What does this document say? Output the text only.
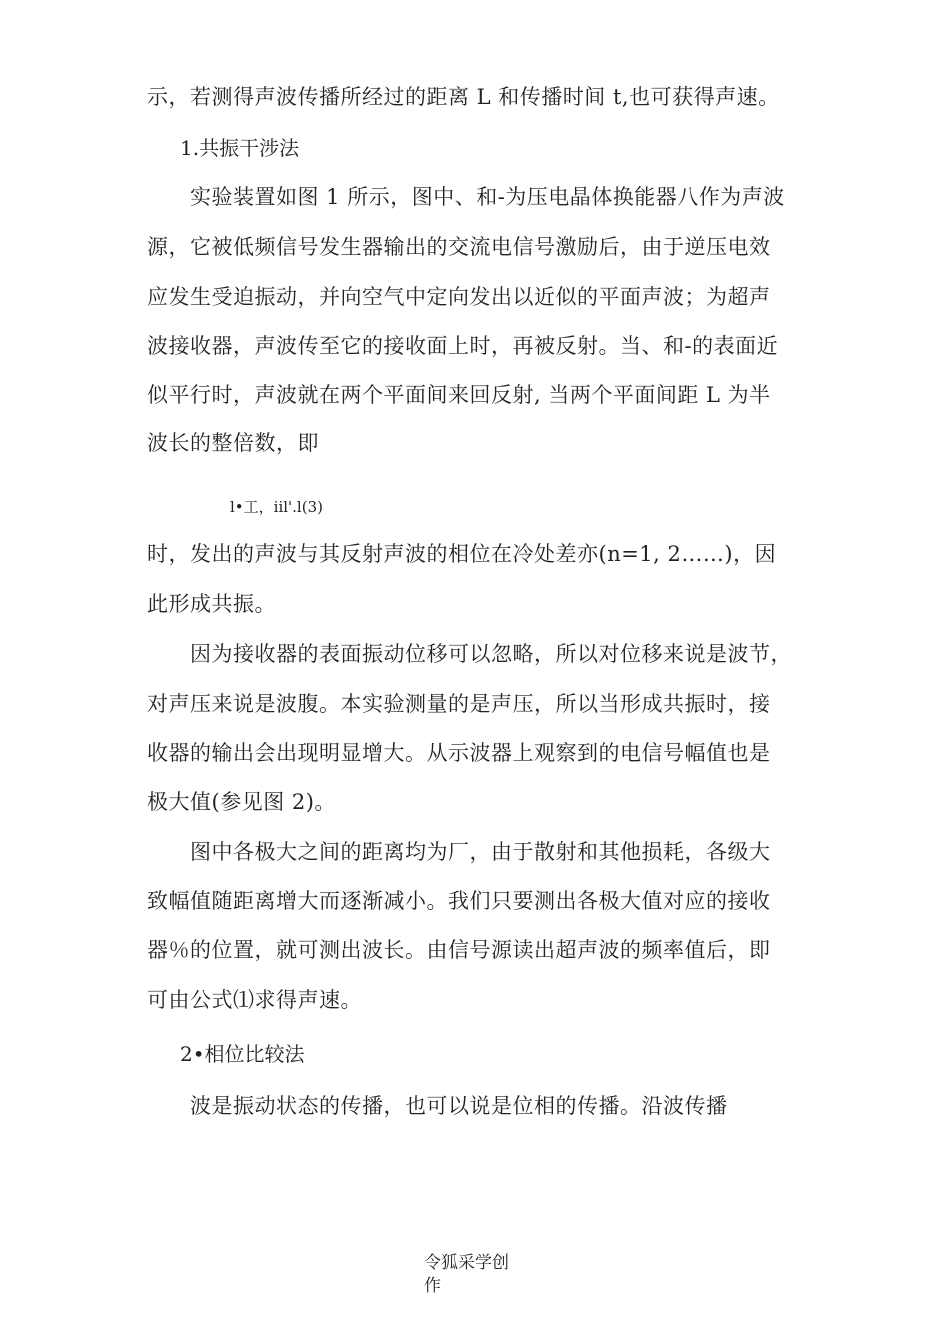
示，若测得声波传播所经过的距离 L 和传播时间 t,也可获得声速。
1.共振干涉法
实验装置如图 1 所示，图中、和-为压电晶体换能器八作为声波
源，它被低频信号发生器输出的交流电信号激励后，由于逆压电效
应发生受迫振动，并向空气中定向发出以近似的平面声波；为超声
波接收器，声波传至它的接收面上时，再被反射。当、和-的表面近
似平行时，声波就在两个平面间来回反射, 当两个平面间距 L 为半
波长的整倍数，即
l•工，iil'.l(3)
时，发出的声波与其反射声波的相位在冷处差亦(n=1, 2……)，因
此形成共振。
因为接收器的表面振动位移可以忽略，所以对位移来说是波节，
对声压来说是波腹。本实验测量的是声压，所以当形成共振时，接
收器的输出会出现明显增大。从示波器上观察到的电信号幅值也是
极大值(参见图 2)。
图中各极大之间的距离均为厂，由于散射和其他损耗，各级大
致幅值随距离增大而逐渐减小。我们只要测出各极大值对应的接收
器％的位置，就可测出波长。由信号源读出超声波的频率值后，即
可由公式⑴求得声速。
2•相位比较法
波是振动状态的传播，也可以说是位相的传播。沿波传播
令狐采学创
作
